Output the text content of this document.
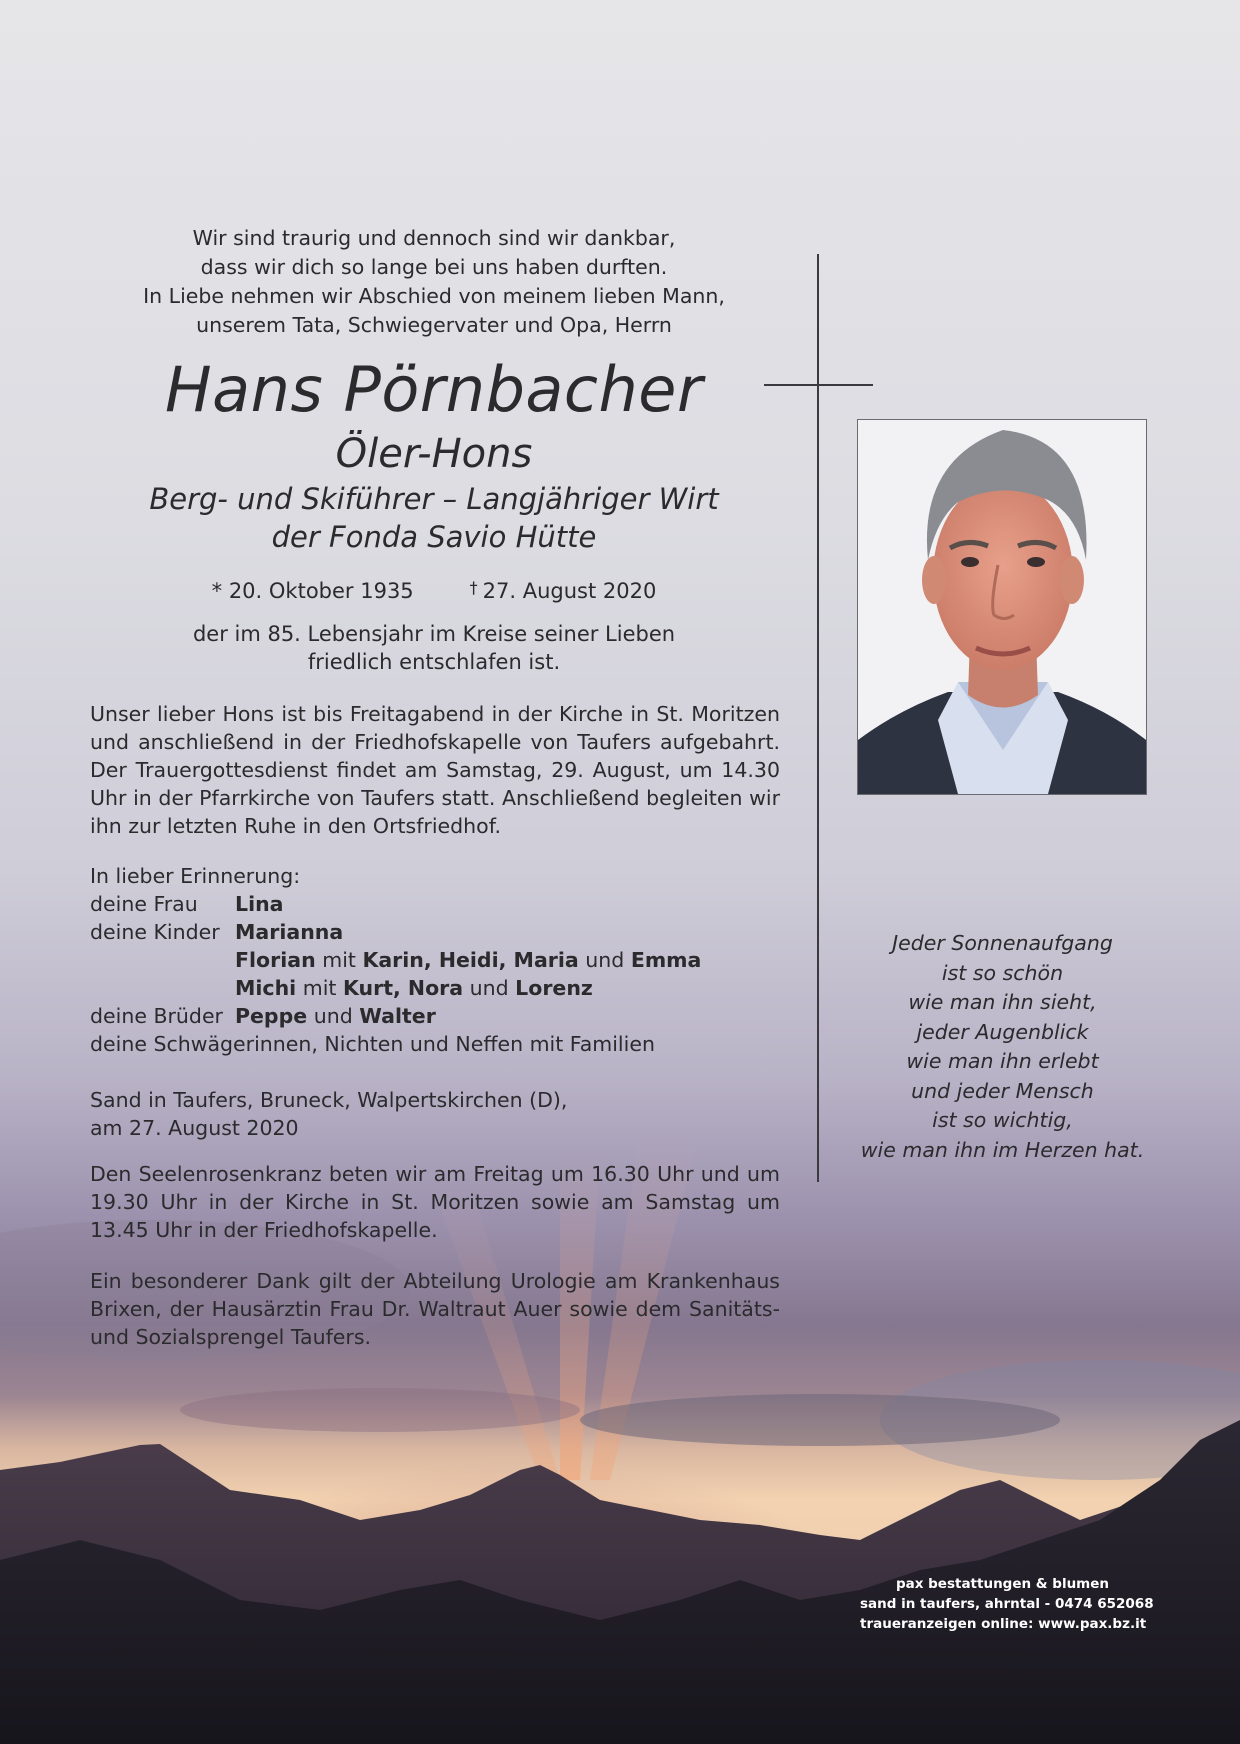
Wir sind traurig und dennoch sind wir dankbar,
dass wir dich so lange bei uns haben durften.
In Liebe nehmen wir Abschied von meinem lieben Mann,
unserem Tata, Schwiegervater und Opa, Herrn
Hans Pörnbacher
Öler-Hons
Berg- und Skiführer – Langjähriger Wirt
der Fonda Savio Hütte
* 20. Oktober 1935	† 27. August 2020
der im 85. Lebensjahr im Kreise seiner Lieben
friedlich entschlafen ist.
Unser lieber Hons ist bis Freitagabend in der Kirche in St. Moritzen und anschließend in der Friedhofskapelle von Taufers aufgebahrt. Der Trauergottesdienst findet am Samstag, 29. August, um 14.30 Uhr in der Pfarrkirche von Taufers statt. Anschließend begleiten wir ihn zur letzten Ruhe in den Ortsfriedhof.
In lieber Erinnerung:
deine Frau Lina
deine Kinder Marianna
Florian mit Karin, Heidi, Maria und Emma
Michi mit Kurt, Nora und Lorenz
deine Brüder Peppe und Walter
deine Schwägerinnen, Nichten und Neffen mit Familien
Sand in Taufers, Bruneck, Walpertskirchen (D),
am 27. August 2020
Den Seelenrosenkranz beten wir am Freitag um 16.30 Uhr und um 19.30 Uhr in der Kirche in St. Moritzen sowie am Samstag um 13.45 Uhr in der Friedhofskapelle.
Ein besonderer Dank gilt der Abteilung Urologie am Krankenhaus Brixen, der Hausärztin Frau Dr. Waltraut Auer sowie dem Sanitäts- und Sozialsprengel Taufers.
Jeder Sonnenaufgang
ist so schön
wie man ihn sieht,
jeder Augenblick
wie man ihn erlebt
und jeder Mensch
ist so wichtig,
wie man ihn im Herzen hat.
pax bestattungen & blumen
sand in taufers, ahrntal - 0474 652068
traueranzeigen online: www.pax.bz.it
